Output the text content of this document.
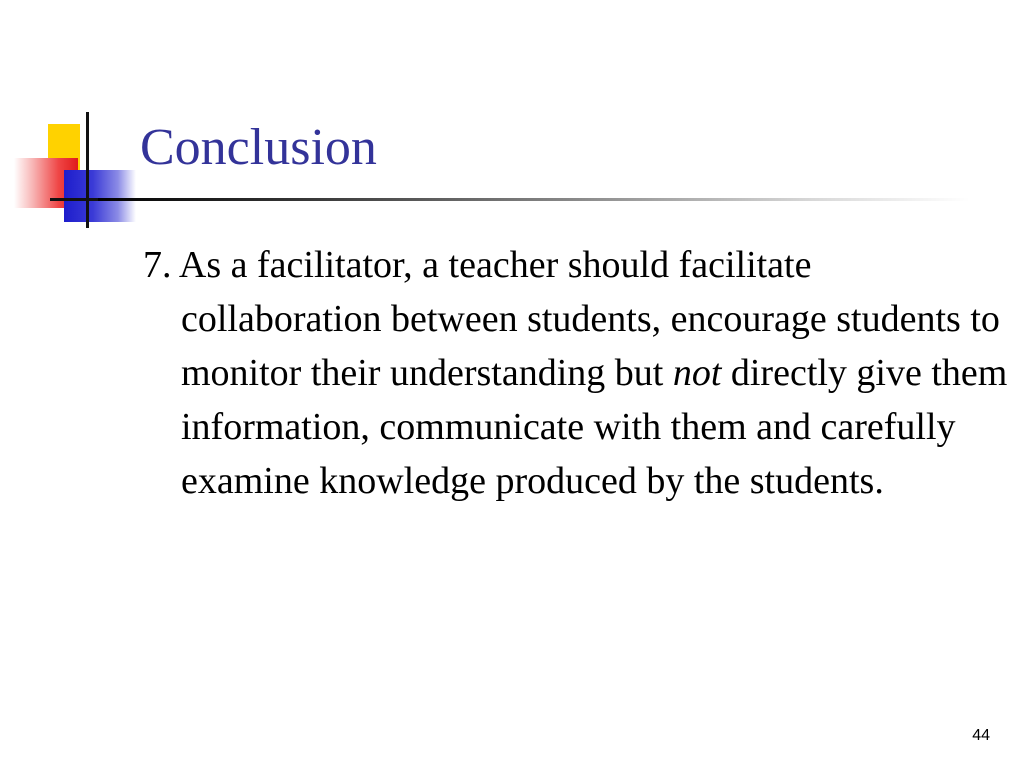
Conclusion

7. As a facilitator, a teacher should facilitate collaboration between students, encourage students to monitor their understanding but not directly give them information, communicate with them and carefully examine knowledge produced by the students.

44
